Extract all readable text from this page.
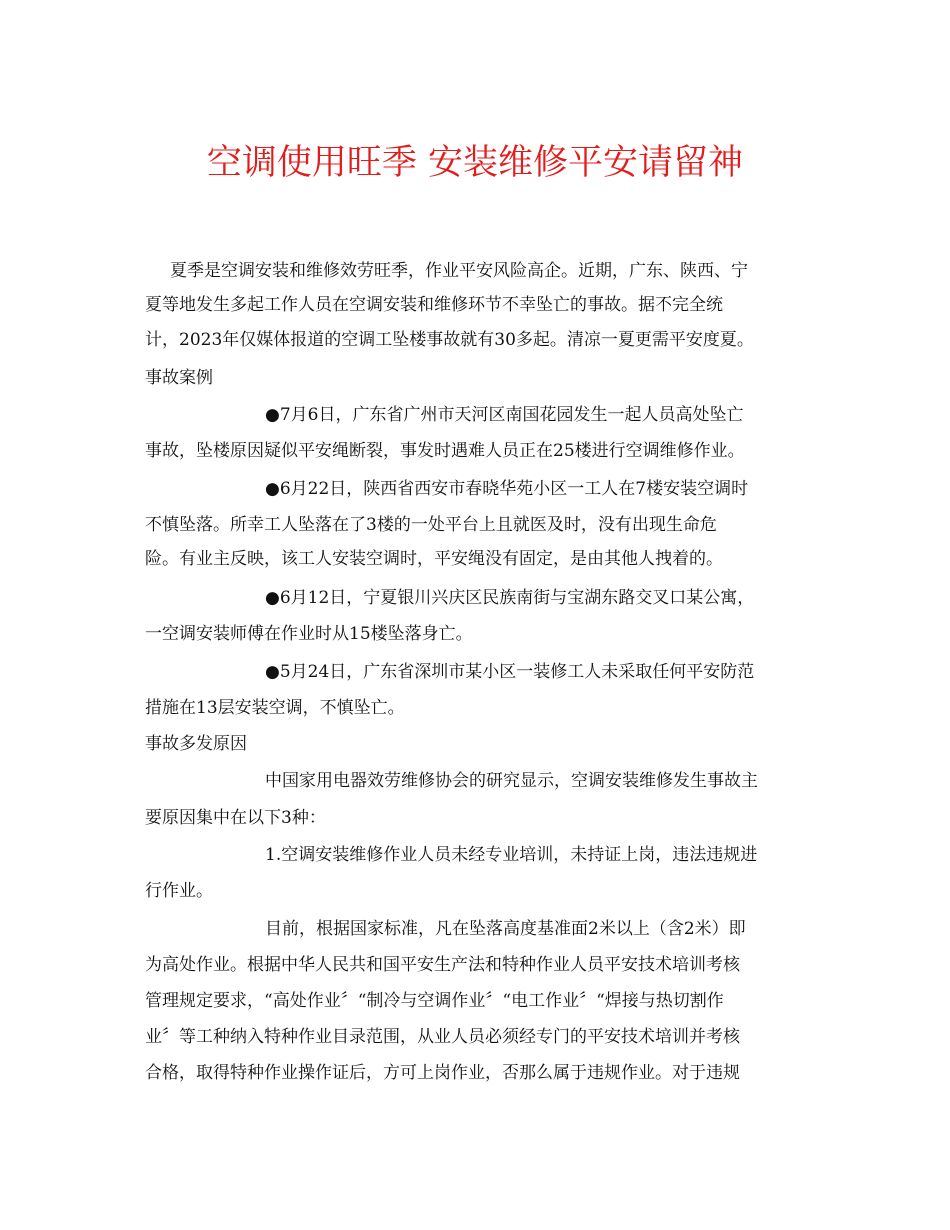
空调使用旺季 安装维修平安请留神
夏季是空调安装和维修效劳旺季，作业平安风险高企。近期，广东、陕西、宁
夏等地发生多起工作人员在空调安装和维修环节不幸坠亡的事故。据不完全统
计，2023年仅媒体报道的空调工坠楼事故就有30多起。清凉一夏更需平安度夏。
事故案例
●7月6日，广东省广州市天河区南国花园发生一起人员高处坠亡
事故，坠楼原因疑似平安绳断裂，事发时遇难人员正在25楼进行空调维修作业。
●6月22日，陕西省西安市春晓华苑小区一工人在7楼安装空调时
不慎坠落。所幸工人坠落在了3楼的一处平台上且就医及时，没有出现生命危
险。有业主反映，该工人安装空调时，平安绳没有固定，是由其他人拽着的。
●6月12日，宁夏银川兴庆区民族南街与宝湖东路交叉口某公寓，
一空调安装师傅在作业时从15楼坠落身亡。
●5月24日，广东省深圳市某小区一装修工人未采取任何平安防范
措施在13层安装空调，不慎坠亡。
事故多发原因
中国家用电器效劳维修协会的研究显示，空调安装维修发生事故主
要原因集中在以下3种：
1.空调安装维修作业人员未经专业培训，未持证上岗，违法违规进
行作业。
目前，根据国家标准，凡在坠落高度基准面2米以上（含2米）即
为高处作业。根据中华人民共和国平安生产法和特种作业人员平安技术培训考核
管理规定要求，“高处作业〞“制冷与空调作业〞“电工作业〞“焊接与热切割作
业〞等工种纳入特种作业目录范围，从业人员必须经专门的平安技术培训并考核
合格，取得特种作业操作证后，方可上岗作业，否那么属于违规作业。对于违规
